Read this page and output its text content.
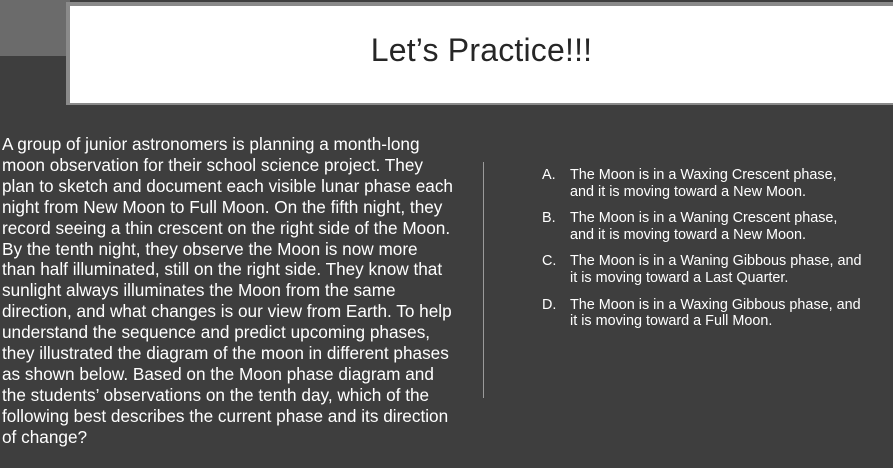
Let’s Practice!!!
A group of junior astronomers is planning a month-long moon observation for their school science project. They plan to sketch and document each visible lunar phase each night from New Moon to Full Moon. On the fifth night, they record seeing a thin crescent on the right side of the Moon. By the tenth night, they observe the Moon is now more than half illuminated, still on the right side. They know that sunlight always illuminates the Moon from the same direction, and what changes is our view from Earth. To help understand the sequence and predict upcoming phases, they illustrated the diagram of the moon in different phases as shown below. Based on the Moon phase diagram and the students’ observations on the tenth day, which of the following best describes the current phase and its direction of change?
A. The Moon is in a Waxing Crescent phase, and it is moving toward a New Moon.
B. The Moon is in a Waning Crescent phase, and it is moving toward a New Moon.
C. The Moon is in a Waning Gibbous phase, and it is moving toward a Last Quarter.
D. The Moon is in a Waxing Gibbous phase, and it is moving toward a Full Moon.
